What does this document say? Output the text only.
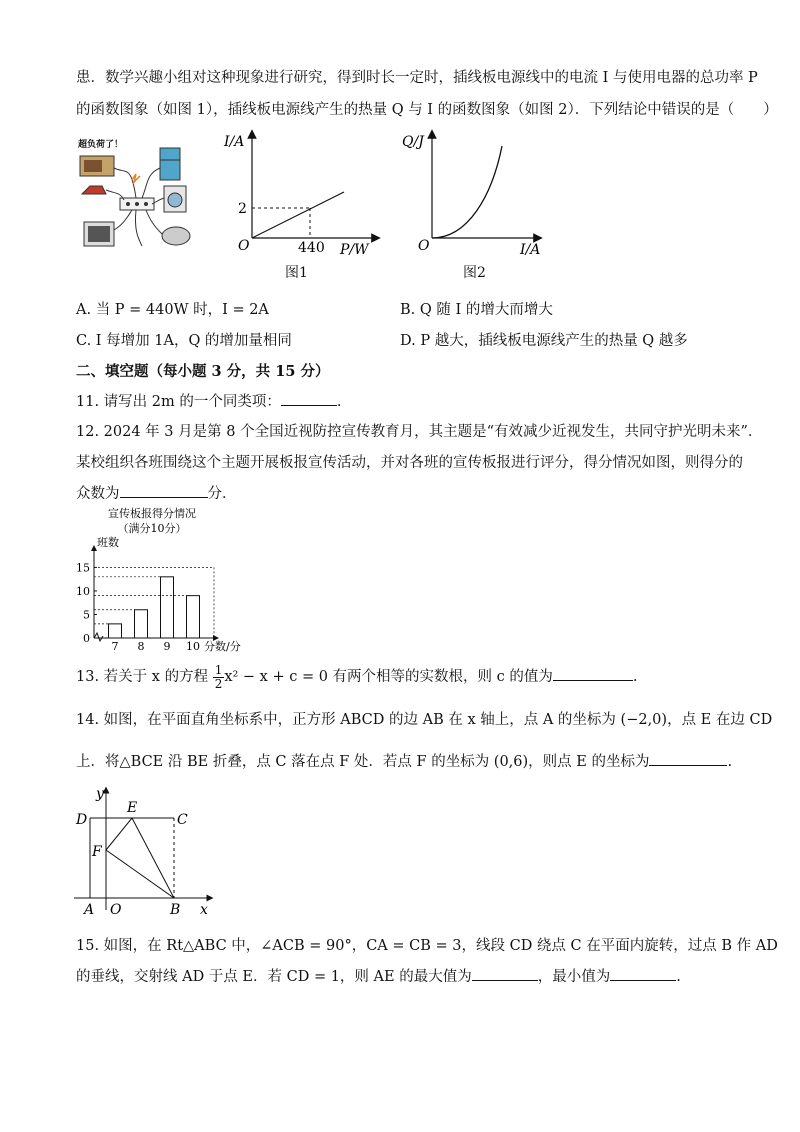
患．数学兴趣小组对这种现象进行研究，得到时长一定时，插线板电源线中的电流 I 与使用电器的总功率 P
的函数图象（如图 1），插线板电源线产生的热量 Q 与 I 的函数图象（如图 2）．下列结论中错误的是（　　）
超负荷了！	I/A
P/W
O
2
440
图1
Q/J
I/A
O
图2
A. 当 P = 440W 时，I = 2A	B. Q 随 I 的增大而增大
C. I 每增加 1A，Q 的增加量相同	D. P 越大，插线板电源线产生的热量 Q 越多
二、填空题（每小题 3 分，共 15 分）
11. 请写出 2m 的一个同类项：	.
12. 2024 年 3 月是第 8 个全国近视防控宣传教育月，其主题是“有效减少近视发生，共同守护光明未来”．
某校组织各班围绕这个主题开展板报宣传活动，并对各班的宣传板报进行评分，得分情况如图，则得分的
众数为	分．
宣传板报得分情况
（满分10分）
班数
分数/分
0
5
10
15
7 8 9 10
13. 若关于 x 的方程 $\frac{1}{2} x^2 - x + c = 0$ 有两个相等的实数根，则 c 的值为	.
14. 如图，在平面直角坐标系中，正方形 ABCD 的边 AB 在 x 轴上，点 A 的坐标为 (−2,0)，点 E 在边 CD
上．将△BCE 沿 BE 折叠，点 C 落在点 F 处．若点 F 的坐标为 (0,6)，则点 E 的坐标为	.
y
x
D
E
C
F
A O	B
15. 如图，在 Rt△ABC 中，∠ACB = 90°，CA = CB = 3，线段 CD 绕点 C 在平面内旋转，过点 B 作 AD
的垂线，交射线 AD 于点 E．若 CD = 1，则 AE 的最大值为	，最小值为	.
